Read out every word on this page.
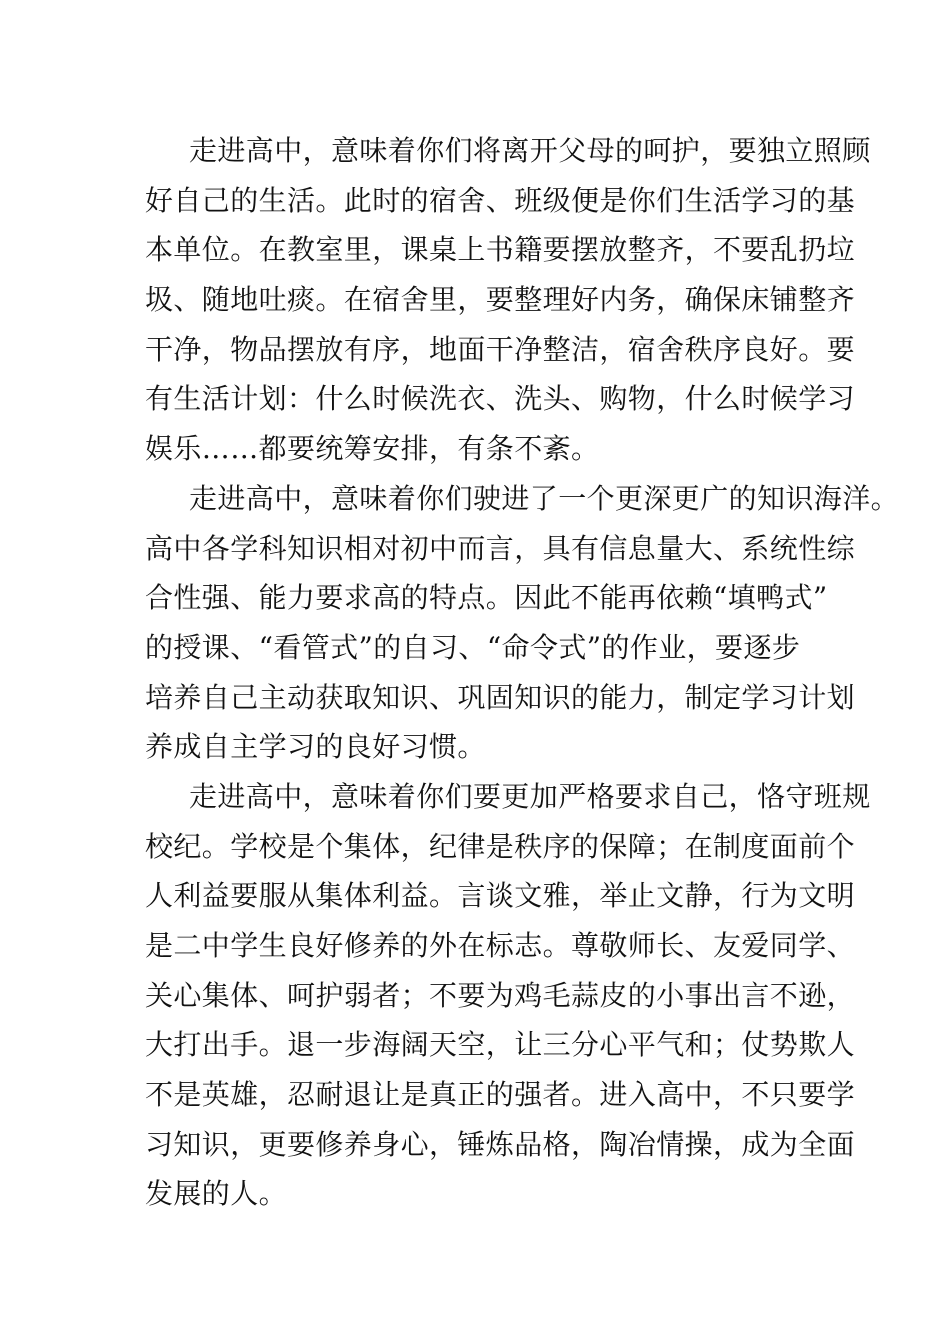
走进高中，意味着你们将离开父母的呵护，要独立照顾
好自己的生活。此时的宿舍、班级便是你们生活学习的基
本单位。在教室里，课桌上书籍要摆放整齐，不要乱扔垃
圾、随地吐痰。在宿舍里，要整理好内务，确保床铺整齐
干净，物品摆放有序，地面干净整洁，宿舍秩序良好。要
有生活计划：什么时候洗衣、洗头、购物，什么时候学习
娱乐……都要统筹安排，有条不紊。
走进高中，意味着你们驶进了一个更深更广的知识海洋。
高中各学科知识相对初中而言，具有信息量大、系统性综
合性强、能力要求高的特点。因此不能再依赖“填鸭式”
的授课、“看管式”的自习、“命令式”的作业，要逐步
培养自己主动获取知识、巩固知识的能力，制定学习计划
养成自主学习的良好习惯。
走进高中，意味着你们要更加严格要求自己，恪守班规
校纪。学校是个集体，纪律是秩序的保障；在制度面前个
人利益要服从集体利益。言谈文雅，举止文静，行为文明
是二中学生良好修养的外在标志。尊敬师长、友爱同学、
关心集体、呵护弱者；不要为鸡毛蒜皮的小事出言不逊，
大打出手。退一步海阔天空，让三分心平气和；仗势欺人
不是英雄，忍耐退让是真正的强者。进入高中，不只要学
习知识，更要修养身心，锤炼品格，陶冶情操，成为全面
发展的人。
